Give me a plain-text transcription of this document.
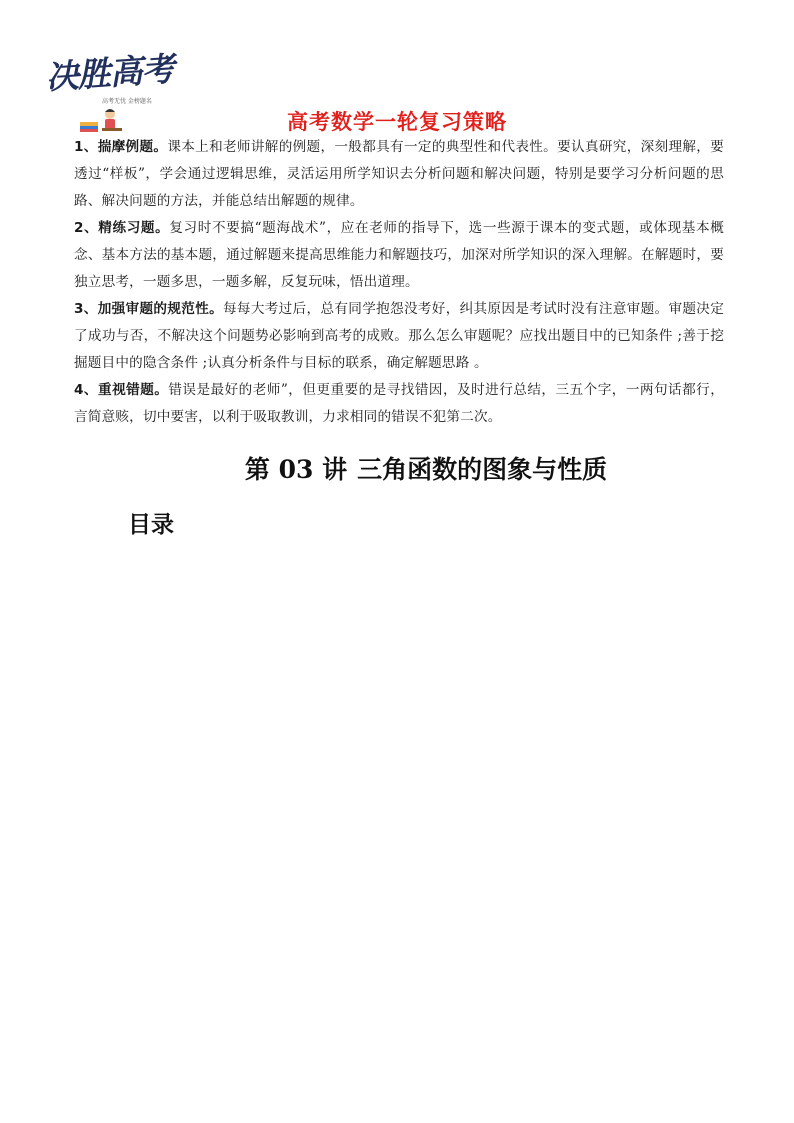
决胜高考
高考无忧 金榜题名
高考数学一轮复习策略

1、揣摩例题。课本上和老师讲解的例题，一般都具有一定的典型性和代表性。要认真研究，深刻理解，要透过“样板”，学会通过逻辑思维，灵活运用所学知识去分析问题和解决问题，特别是要学习分析问题的思路、解决问题的方法，并能总结出解题的规律。

2、精练习题。复习时不要搞“题海战术”，应在老师的指导下，选一些源于课本的变式题，或体现基本概念、基本方法的基本题，通过解题来提高思维能力和解题技巧，加深对所学知识的深入理解。在解题时，要独立思考，一题多思，一题多解，反复玩味，悟出道理。

3、加强审题的规范性。每每大考过后，总有同学抱怨没考好，纠其原因是考试时没有注意审题。审题决定了成功与否，不解决这个问题势必影响到高考的成败。那么怎么审题呢？应找出题目中的已知条件 ;善于挖掘题目中的隐含条件 ;认真分析条件与目标的联系，确定解题思路 。

4、重视错题。错误是最好的老师”，但更重要的是寻找错因，及时进行总结，三五个字，一两句话都行，言简意赅，切中要害，以利于吸取教训，力求相同的错误不犯第二次。

第 03 讲 三角函数的图象与性质
目录
